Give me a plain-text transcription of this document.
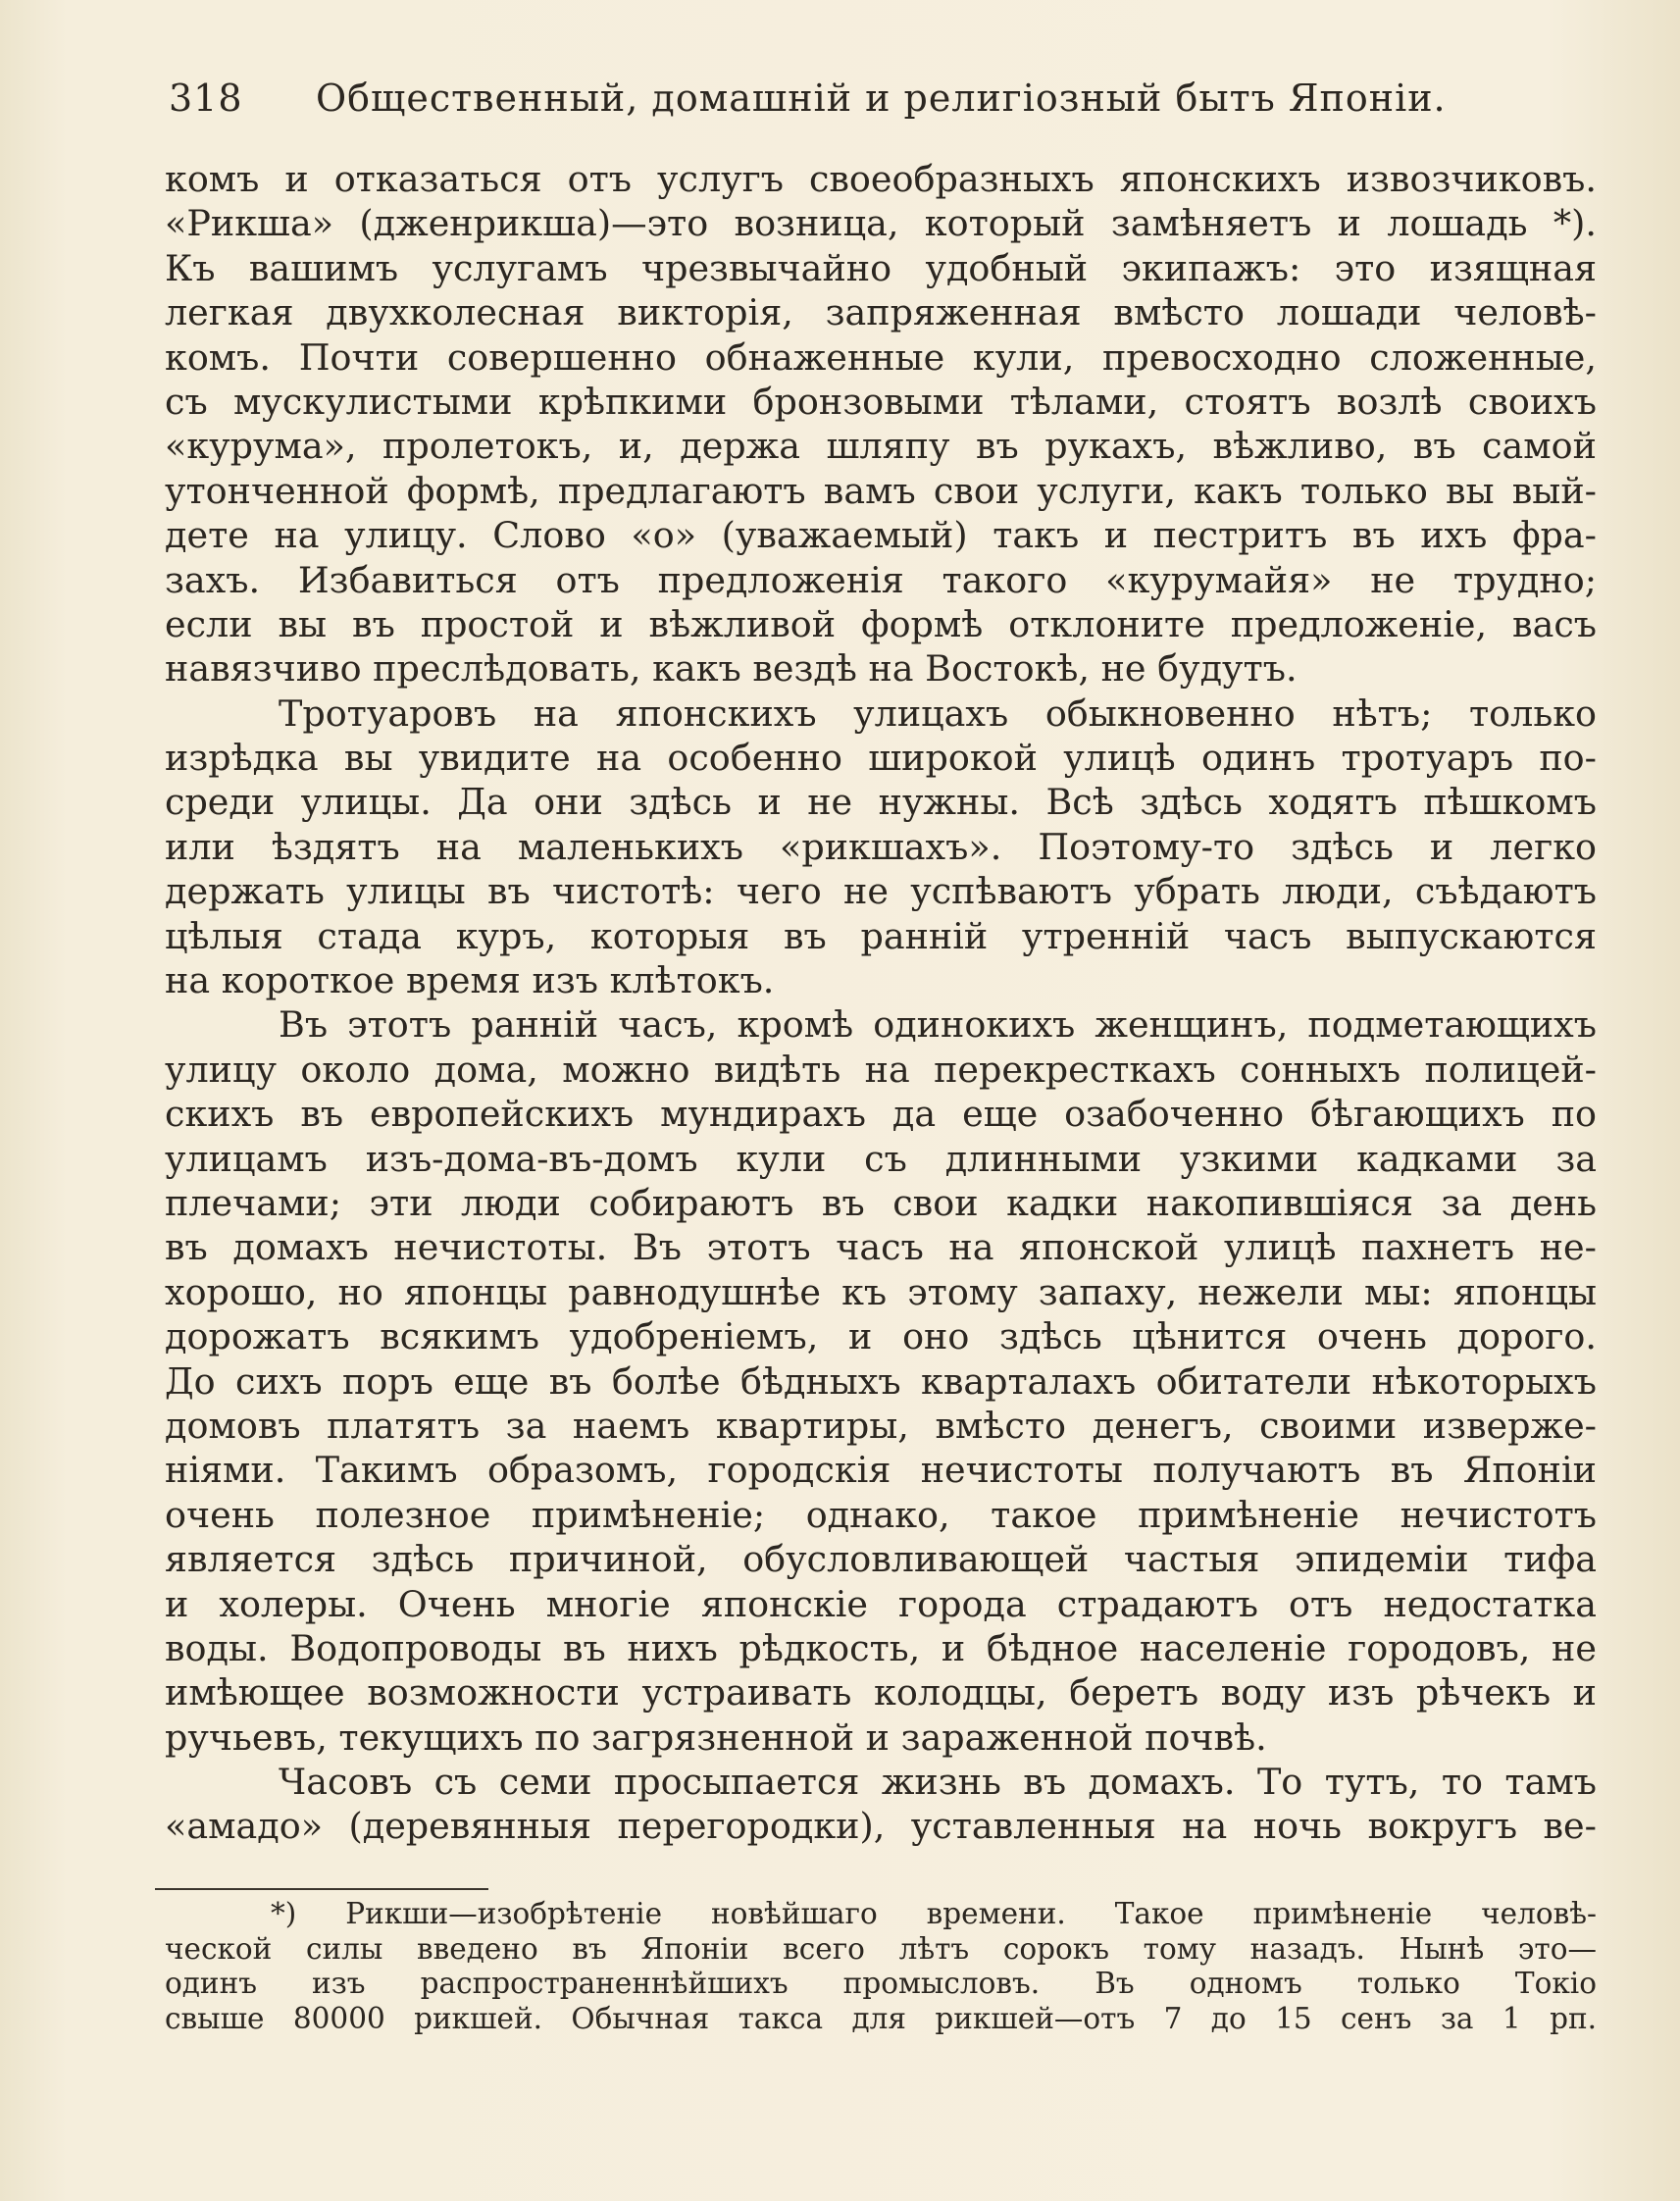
318 Общественный, домашній и религіозный бытъ Японіи.
комъ и отказаться отъ услугъ своеобразныхъ японскихъ извозчиковъ.
«Рикша» (дженрикша)—это возница, который замѣняетъ и лошадь *).
Къ вашимъ услугамъ чрезвычайно удобный экипажъ: это изящная
легкая двухколесная викторія, запряженная вмѣсто лошади человѣ-
комъ. Почти совершенно обнаженные кули, превосходно сложенные,
съ мускулистыми крѣпкими бронзовыми тѣлами, стоятъ возлѣ своихъ
«курума», пролетокъ, и, держа шляпу въ рукахъ, вѣжливо, въ самой
утонченной формѣ, предлагаютъ вамъ свои услуги, какъ только вы вый-
дете на улицу. Слово «о» (уважаемый) такъ и пестритъ въ ихъ фра-
захъ. Избавиться отъ предложенія такого «курумайя» не трудно;
если вы въ простой и вѣжливой формѣ отклоните предложеніе, васъ
навязчиво преслѣдовать, какъ вездѣ на Востокѣ, не будутъ.
Тротуаровъ на японскихъ улицахъ обыкновенно нѣтъ; только
изрѣдка вы увидите на особенно широкой улицѣ одинъ тротуаръ по-
среди улицы. Да они здѣсь и не нужны. Всѣ здѣсь ходятъ пѣшкомъ
или ѣздятъ на маленькихъ «рикшахъ». Поэтому-то здѣсь и легко
держать улицы въ чистотѣ: чего не успѣваютъ убрать люди, съѣдаютъ
цѣлыя стада куръ, которыя въ ранній утренній часъ выпускаются
на короткое время изъ клѣтокъ.
Въ этотъ ранній часъ, кромѣ одинокихъ женщинъ, подметающихъ
улицу около дома, можно видѣть на перекресткахъ сонныхъ полицей-
скихъ въ европейскихъ мундирахъ да еще озабоченно бѣгающихъ по
улицамъ изъ-дома-въ-домъ кули съ длинными узкими кадками за
плечами; эти люди собираютъ въ свои кадки накопившіяся за день
въ домахъ нечистоты. Въ этотъ часъ на японской улицѣ пахнетъ не-
хорошо, но японцы равнодушнѣе къ этому запаху, нежели мы: японцы
дорожатъ всякимъ удобреніемъ, и оно здѣсь цѣнится очень дорого.
До сихъ поръ еще въ болѣе бѣдныхъ кварталахъ обитатели нѣкоторыхъ
домовъ платятъ за наемъ квартиры, вмѣсто денегъ, своими изверже-
ніями. Такимъ образомъ, городскія нечистоты получаютъ въ Японіи
очень полезное примѣненіе; однако, такое примѣненіе нечистотъ
является здѣсь причиной, обусловливающей частыя эпидеміи тифа
и холеры. Очень многіе японскіе города страдаютъ отъ недостатка
воды. Водопроводы въ нихъ рѣдкость, и бѣдное населеніе городовъ, не
имѣющее возможности устраивать колодцы, беретъ воду изъ рѣчекъ и
ручьевъ, текущихъ по загрязненной и зараженной почвѣ.
Часовъ съ семи просыпается жизнь въ домахъ. То тутъ, то тамъ
«амадо» (деревянныя перегородки), уставленныя на ночь вокругъ ве-
*) Рикши—изобрѣтеніе новѣйшаго времени. Такое примѣненіе человѣ-
ческой силы введено въ Японіи всего лѣтъ сорокъ тому назадъ. Нынѣ это—
одинъ изъ распространеннѣйшихъ промысловъ. Въ одномъ только Токіо
свыше 80000 рикшей. Обычная такса для рикшей—отъ 7 до 15 сенъ за 1 рп.
